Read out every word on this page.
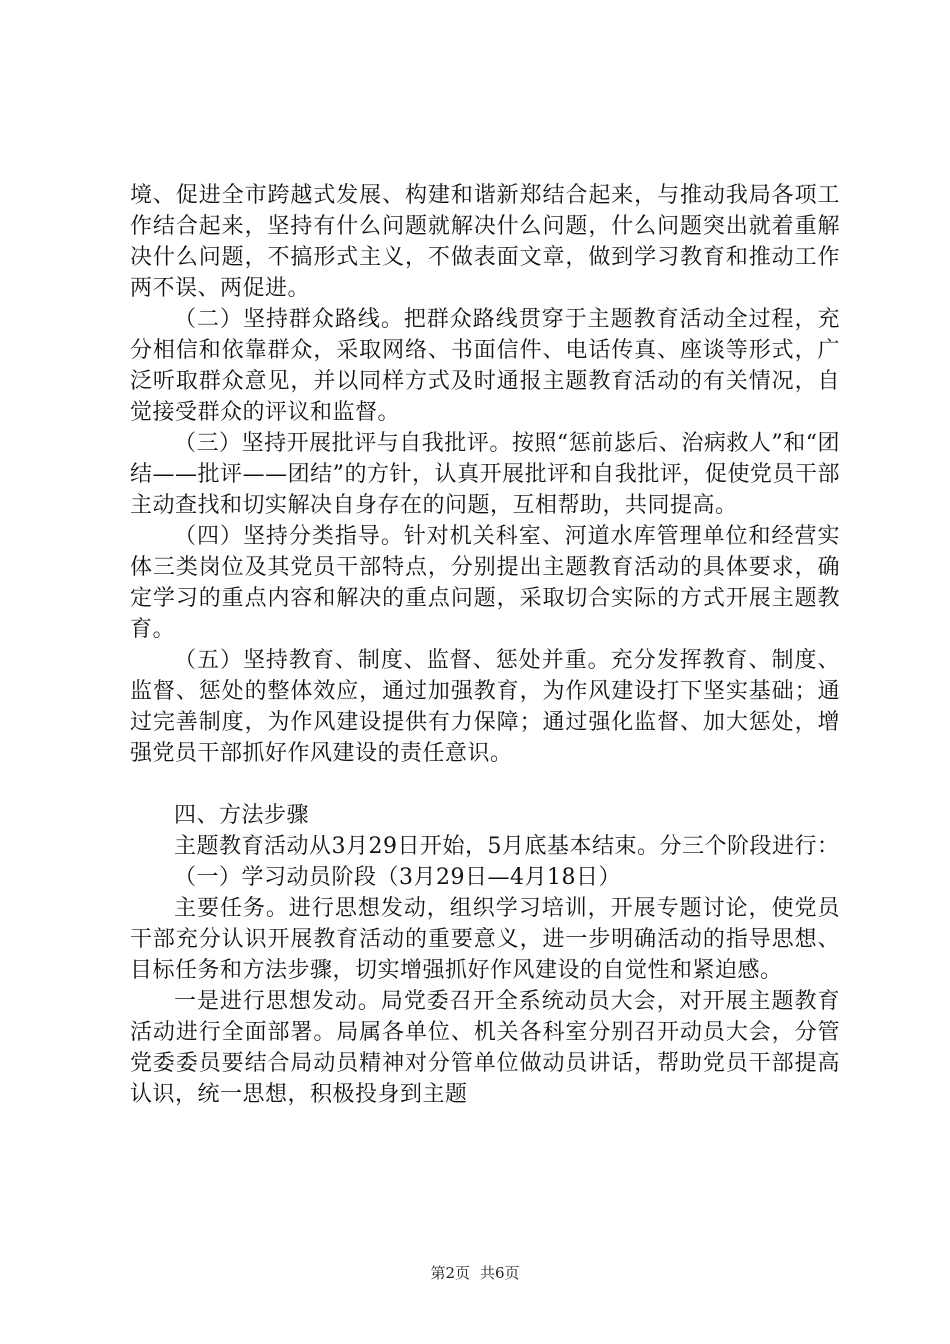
境、促进全市跨越式发展、构建和谐新郑结合起来，与推动我局各项工作结合起来，坚持有什么问题就解决什么问题，什么问题突出就着重解决什么问题，不搞形式主义，不做表面文章，做到学习教育和推动工作两不误、两促进。

（二）坚持群众路线。把群众路线贯穿于主题教育活动全过程，充分相信和依靠群众，采取网络、书面信件、电话传真、座谈等形式，广泛听取群众意见，并以同样方式及时通报主题教育活动的有关情况，自觉接受群众的评议和监督。

（三）坚持开展批评与自我批评。按照“惩前毖后、治病救人”和“团结——批评——团结”的方针，认真开展批评和自我批评，促使党员干部主动查找和切实解决自身存在的问题，互相帮助，共同提高。

（四）坚持分类指导。针对机关科室、河道水库管理单位和经营实体三类岗位及其党员干部特点，分别提出主题教育活动的具体要求，确定学习的重点内容和解决的重点问题，采取切合实际的方式开展主题教育。

（五）坚持教育、制度、监督、惩处并重。充分发挥教育、制度、监督、惩处的整体效应，通过加强教育，为作风建设打下坚实基础；通过完善制度，为作风建设提供有力保障；通过强化监督、加大惩处，增强党员干部抓好作风建设的责任意识。

四、方法步骤

主题教育活动从3月29日开始，5月底基本结束。分三个阶段进行：

（一）学习动员阶段（3月29日—4月18日）

主要任务。进行思想发动，组织学习培训，开展专题讨论，使党员干部充分认识开展教育活动的重要意义，进一步明确活动的指导思想、目标任务和方法步骤，切实增强抓好作风建设的自觉性和紧迫感。

一是进行思想发动。局党委召开全系统动员大会，对开展主题教育活动进行全面部署。局属各单位、机关各科室分别召开动员大会，分管党委委员要结合局动员精神对分管单位做动员讲话，帮助党员干部提高认识，统一思想，积极投身到主题

第2页 共6页
